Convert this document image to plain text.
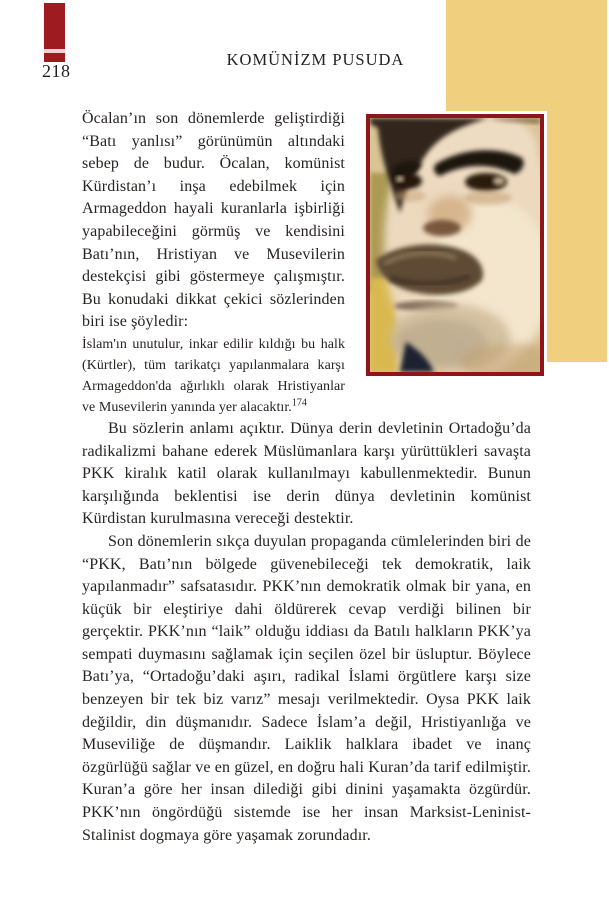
218
KOMÜNİZM PUSUDA

Öcalan’ın son dönemlerde geliştirdiği “Batı yanlısı” görünümün altındaki sebep de budur. Öcalan, komünist Kürdistan’ı inşa edebilmek için Armageddon hayali kuranlarla işbirliği yapabileceğini görmüş ve kendisini Batı’nın, Hristiyan ve Musevilerin destekçisi gibi göstermeye çalışmıştır. Bu konudaki dikkat çekici sözlerinden biri ise şöyledir:

İslam'ın unutulur, inkar edilir kıldığı bu halk (Kürtler), tüm tarikatçı yapılanmalara karşı Armageddon'da ağırlıklı olarak Hristiyanlar ve Musevilerin yanında yer alacaktır.$^{174}$

Bu sözlerin anlamı açıktır. Dünya derin devletinin Ortadoğu’da radikalizmi bahane ederek Müslümanlara karşı yürüttükleri savaşta PKK kiralık katil olarak kullanılmayı kabullenmektedir. Bunun karşılığında beklentisi ise derin dünya devletinin komünist Kürdistan kurulmasına vereceği destektir.

Son dönemlerin sıkça duyulan propaganda cümlelerinden biri de “PKK, Batı’nın bölgede güvenebileceği tek demokratik, laik yapılanmadır” safsatasıdır. PKK’nın demokratik olmak bir yana, en küçük bir eleştiriye dahi öldürerek cevap verdiği bilinen bir gerçektir. PKK’nın “laik” olduğu iddiası da Batılı halkların PKK’ya sempati duymasını sağlamak için seçilen özel bir üsluptur. Böylece Batı’ya, “Ortadoğu’daki aşırı, radikal İslami örgütlere karşı size benzeyen bir tek biz varız” mesajı verilmektedir. Oysa PKK laik değildir, din düşmanıdır. Sadece İslam’a değil, Hristiyanlığa ve Museviliğe de düşmandır. Laiklik halklara ibadet ve inanç özgürlüğü sağlar ve en güzel, en doğru hali Kuran’da tarif edilmiştir. Kuran’a göre her insan dilediği gibi dinini yaşamakta özgürdür. PKK’nın öngördüğü sistemde ise her insan Marksist-Leninist-Stalinist dogmaya göre yaşamak zorundadır.
